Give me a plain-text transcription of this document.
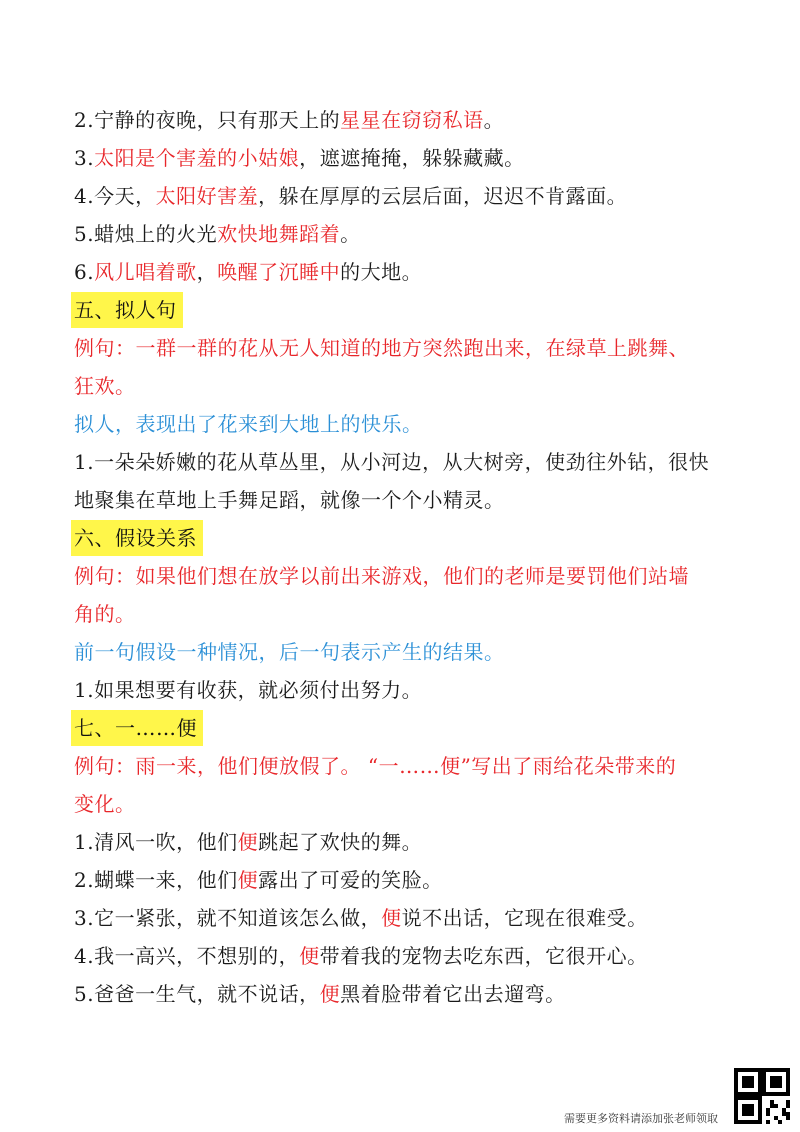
2.宁静的夜晚，只有那天上的星星在窃窃私语。
3.太阳是个害羞的小姑娘，遮遮掩掩，躲躲藏藏。
4.今天，太阳好害羞，躲在厚厚的云层后面，迟迟不肯露面。
5.蜡烛上的火光欢快地舞蹈着。
6.风儿唱着歌，唤醒了沉睡中的大地。
五、拟人句
例句：一群一群的花从无人知道的地方突然跑出来，在绿草上跳舞、
狂欢。
拟人，表现出了花来到大地上的快乐。
1.一朵朵娇嫩的花从草丛里，从小河边，从大树旁，使劲往外钻，很快
地聚集在草地上手舞足蹈，就像一个个小精灵。
六、假设关系
例句：如果他们想在放学以前出来游戏，他们的老师是要罚他们站墙
角的。
前一句假设一种情况，后一句表示产生的结果。
1.如果想要有收获，就必须付出努力。
七、一……便
例句：雨一来，他们便放假了。 “一……便”写出了雨给花朵带来的
变化。
1.清风一吹，他们便跳起了欢快的舞。
2.蝴蝶一来，他们便露出了可爱的笑脸。
3.它一紧张，就不知道该怎么做，便说不出话，它现在很难受。
4.我一高兴，不想别的，便带着我的宠物去吃东西，它很开心。
5.爸爸一生气，就不说话，便黑着脸带着它出去遛弯。
需要更多资料请添加张老师领取
